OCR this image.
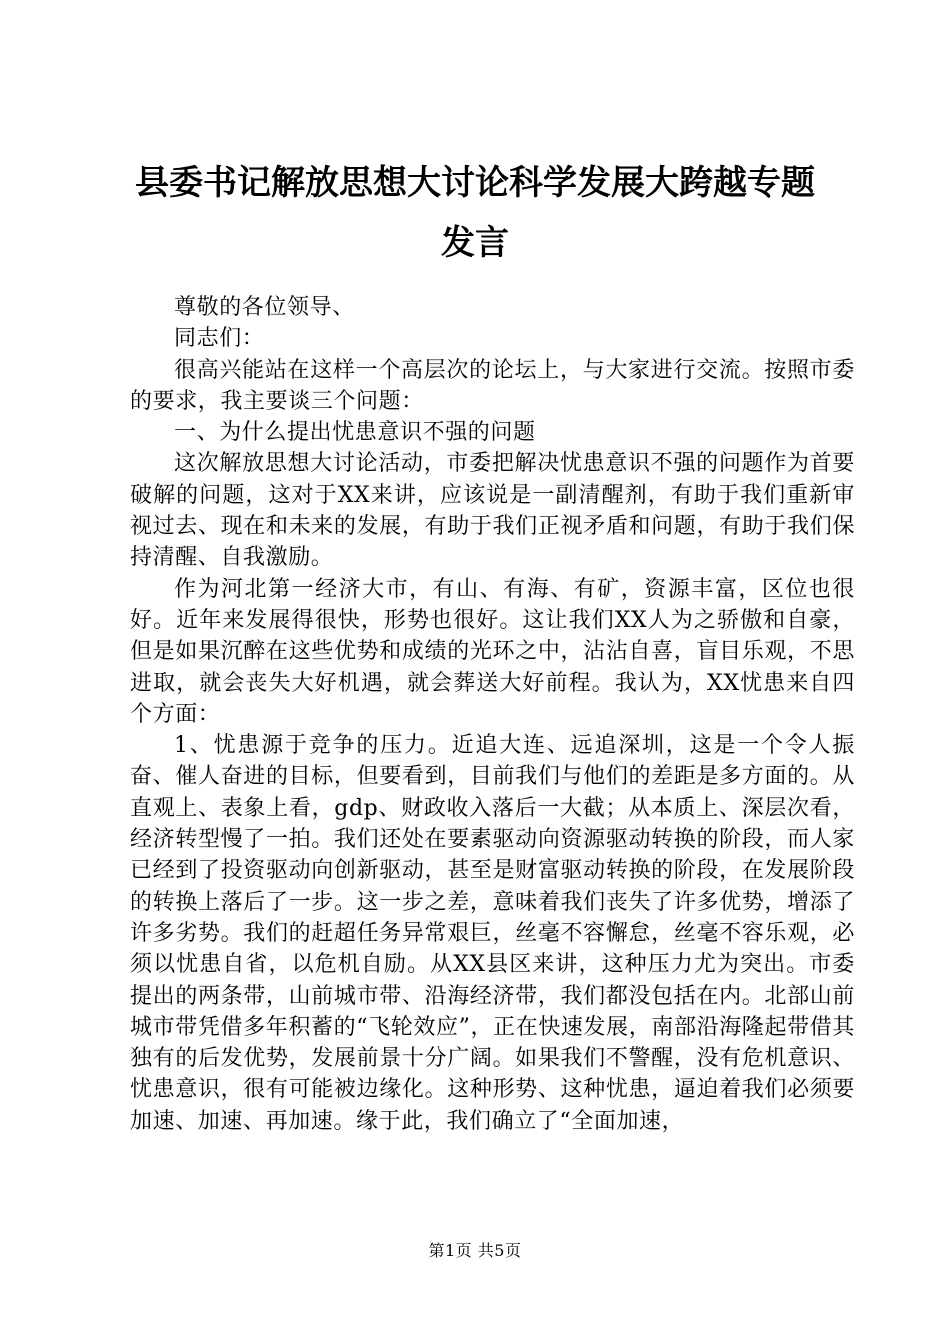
县委书记解放思想大讨论科学发展大跨越专题
发言

尊敬的各位领导、

同志们：

很高兴能站在这样一个高层次的论坛上，与大家进行交流。按照市委的要求，我主要谈三个问题：

一、为什么提出忧患意识不强的问题

这次解放思想大讨论活动，市委把解决忧患意识不强的问题作为首要破解的问题，这对于XX来讲，应该说是一副清醒剂，有助于我们重新审视过去、现在和未来的发展，有助于我们正视矛盾和问题，有助于我们保持清醒、自我激励。

作为河北第一经济大市，有山、有海、有矿，资源丰富，区位也很好。近年来发展得很快，形势也很好。这让我们XX人为之骄傲和自豪，但是如果沉醉在这些优势和成绩的光环之中，沾沾自喜，盲目乐观，不思进取，就会丧失大好机遇，就会葬送大好前程。我认为，XX忧患来自四个方面：

1、忧患源于竞争的压力。近追大连、远追深圳，这是一个令人振奋、催人奋进的目标，但要看到，目前我们与他们的差距是多方面的。从直观上、表象上看，gdp、财政收入落后一大截；从本质上、深层次看，经济转型慢了一拍。我们还处在要素驱动向资源驱动转换的阶段，而人家已经到了投资驱动向创新驱动，甚至是财富驱动转换的阶段，在发展阶段的转换上落后了一步。这一步之差，意味着我们丧失了许多优势，增添了许多劣势。我们的赶超任务异常艰巨，丝毫不容懈怠，丝毫不容乐观，必须以忧患自省，以危机自励。从XX县区来讲，这种压力尤为突出。市委提出的两条带，山前城市带、沿海经济带，我们都没包括在内。北部山前城市带凭借多年积蓄的“飞轮效应”，正在快速发展，南部沿海隆起带借其独有的后发优势，发展前景十分广阔。如果我们不警醒，没有危机意识、忧患意识，很有可能被边缘化。这种形势、这种忧患，逼迫着我们必须要加速、加速、再加速。缘于此，我们确立了“全面加速，

第1页 共5页
